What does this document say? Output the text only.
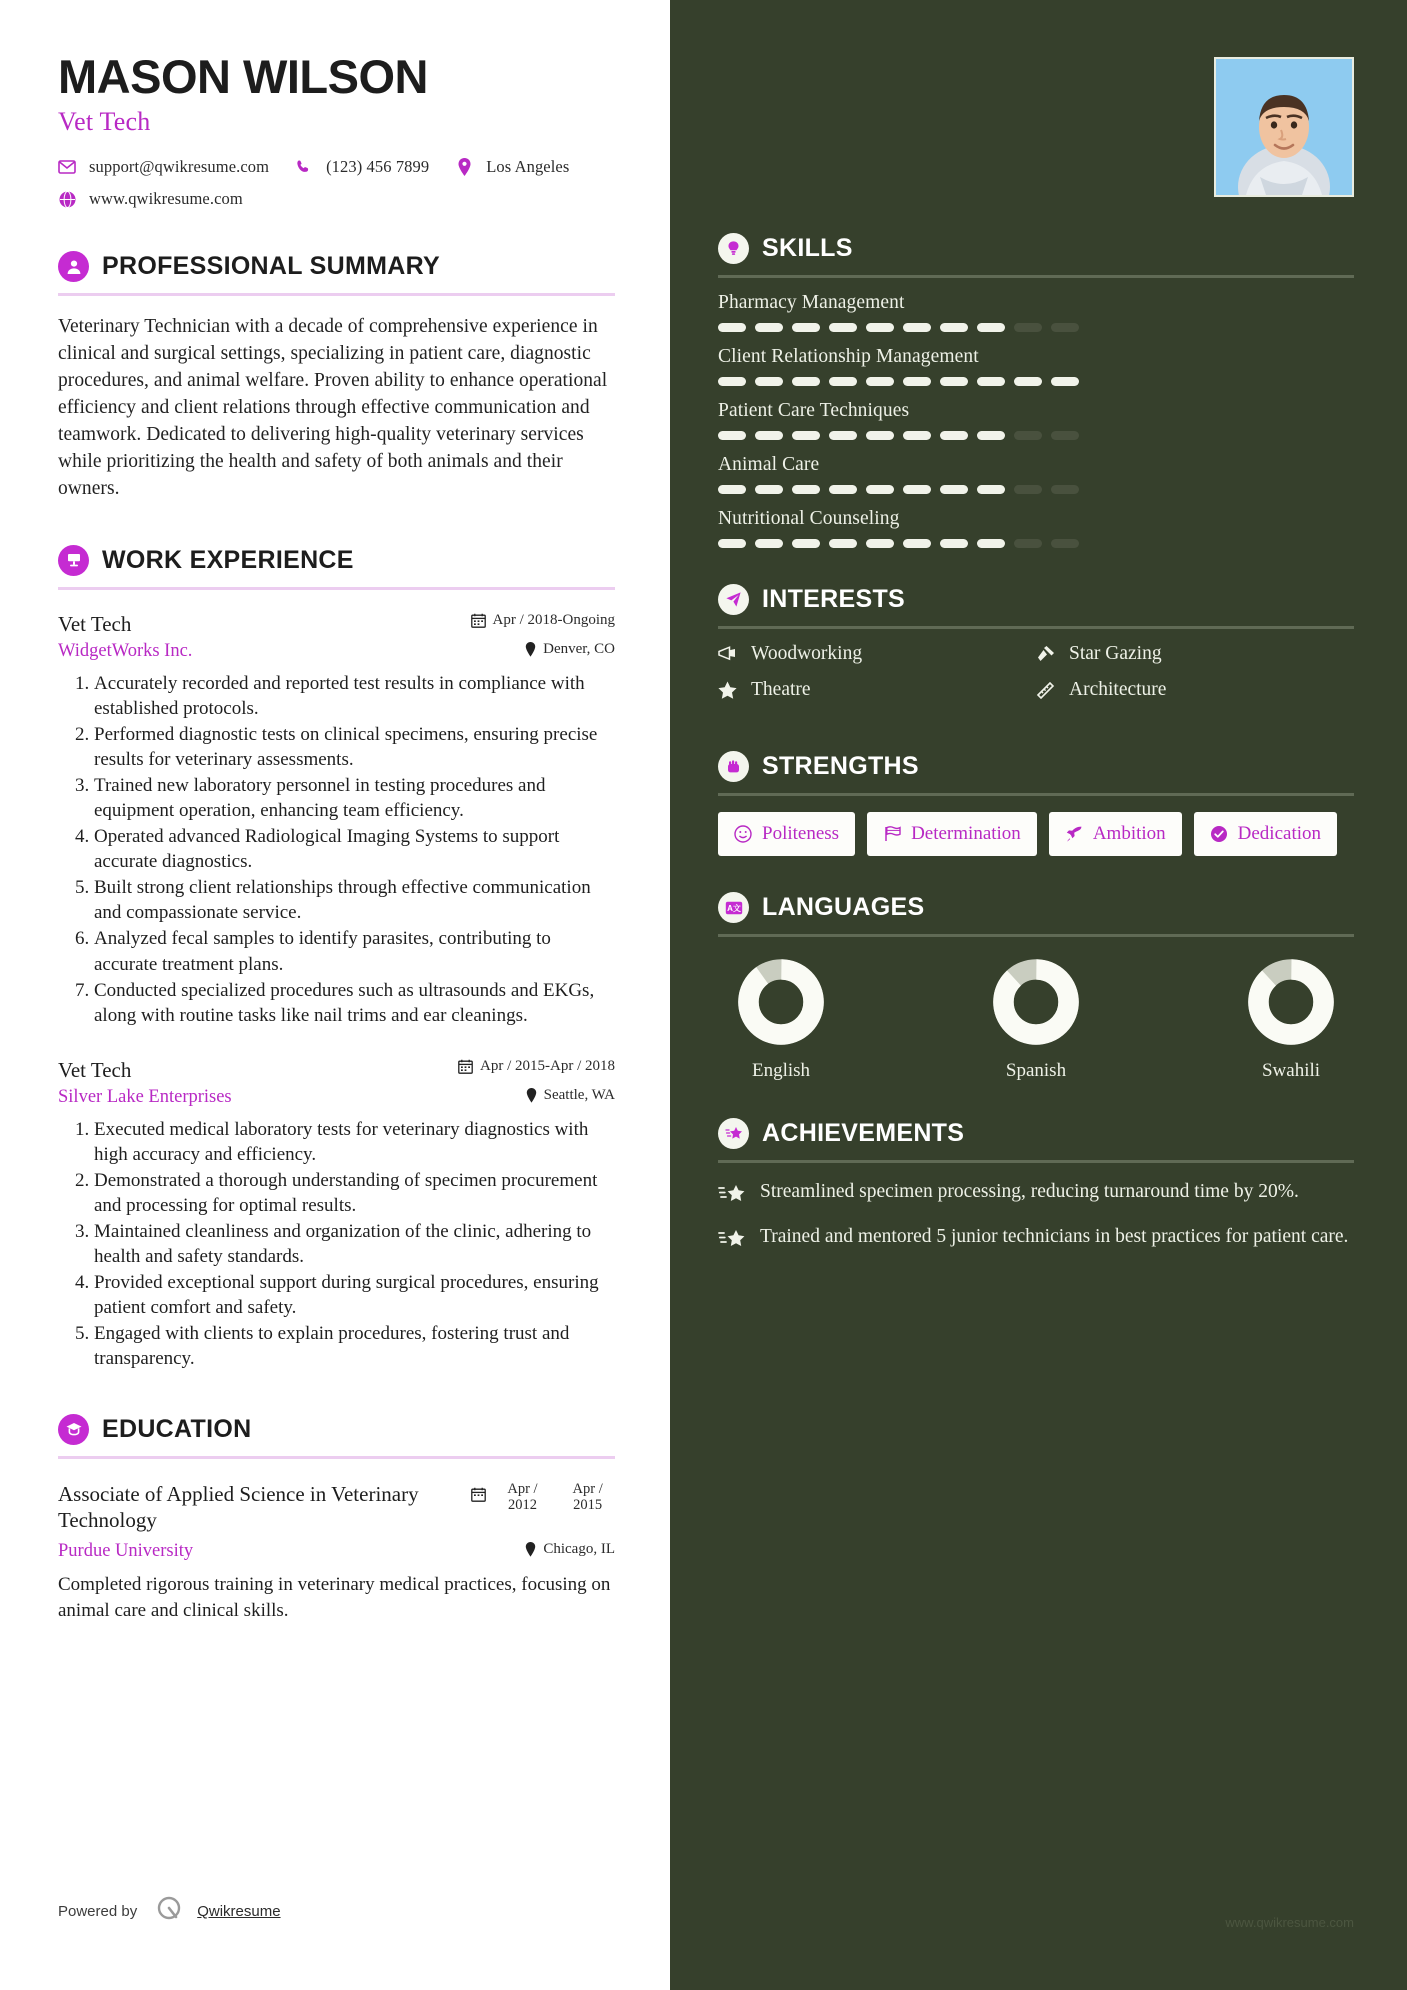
MASON WILSON
Vet Tech
support@qwikresume.com	(123) 456 7899	Los Angeles
www.qwikresume.com
PROFESSIONAL SUMMARY

Veterinary Technician with a decade of comprehensive experience in clinical and surgical settings, specializing in patient care, diagnostic procedures, and animal welfare. Proven ability to enhance operational efficiency and client relations through effective communication and teamwork. Dedicated to delivering high-quality veterinary services while prioritizing the health and safety of both animals and their owners.

WORK EXPERIENCE
Vet Tech	Apr / 2018-Ongoing
WidgetWorks Inc.	Denver, CO
1. Accurately recorded and reported test results in compliance with established protocols.
2. Performed diagnostic tests on clinical specimens, ensuring precise results for veterinary assessments.
3. Trained new laboratory personnel in testing procedures and equipment operation, enhancing team efficiency.
4. Operated advanced Radiological Imaging Systems to support accurate diagnostics.
5. Built strong client relationships through effective communication and compassionate service.
6. Analyzed fecal samples to identify parasites, contributing to accurate treatment plans.
7. Conducted specialized procedures such as ultrasounds and EKGs, along with routine tasks like nail trims and ear cleanings.
Vet Tech	Apr / 2015-Apr / 2018
Silver Lake Enterprises	Seattle, WA
1. Executed medical laboratory tests for veterinary diagnostics with high accuracy and efficiency.
2. Demonstrated a thorough understanding of specimen procurement and processing for optimal results.
3. Maintained cleanliness and organization of the clinic, adhering to health and safety standards.
4. Provided exceptional support during surgical procedures, ensuring patient comfort and safety.
5. Engaged with clients to explain procedures, fostering trust and transparency.
EDUCATION
Associate of Applied Science in Veterinary Technology
Apr / 2012
Apr / 2015
Purdue University	Chicago, IL
Completed rigorous training in veterinary medical practices, focusing on animal care and clinical skills.
Powered by	Qwikresume
SKILLS
Pharmacy Management
Client Relationship Management
Patient Care Techniques
Animal Care
Nutritional Counseling
INTERESTS
Woodworking	Star Gazing
Theatre	Architecture
STRENGTHS
Politeness	Determination	Ambition	Dedication
A文 LANGUAGES
English	Spanish	Swahili
ACHIEVEMENTS
Streamlined specimen processing, reducing turnaround time by 20%.
Trained and mentored 5 junior technicians in best practices for patient care.
www.qwikresume.com
